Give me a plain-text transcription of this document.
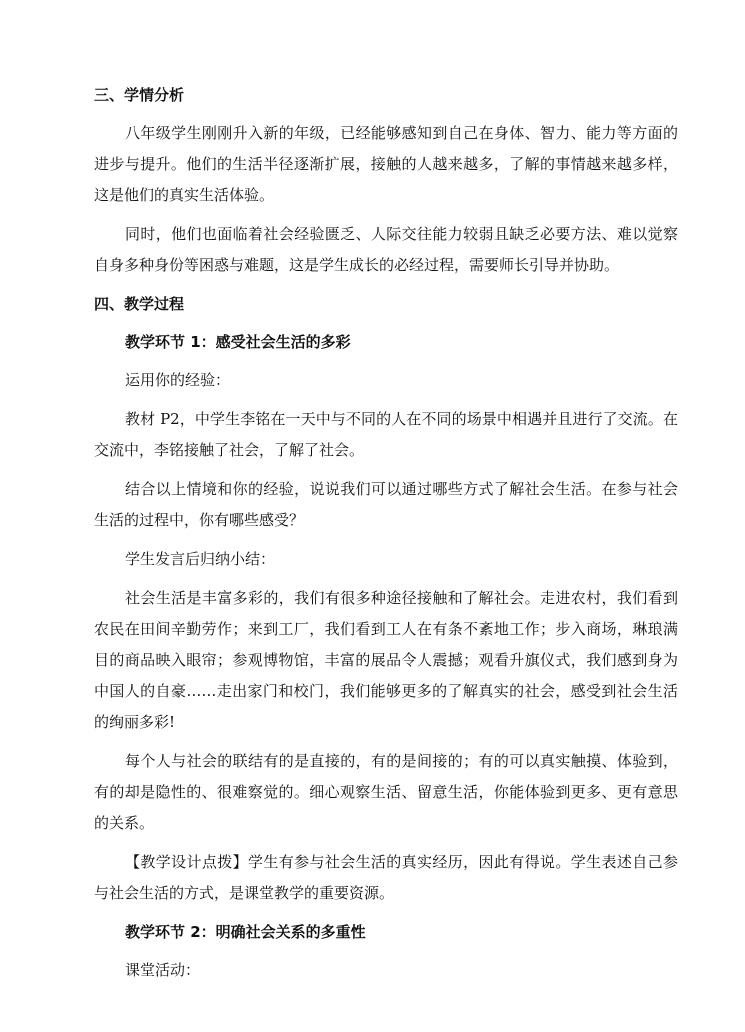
三、学情分析

八年级学生刚刚升入新的年级，已经能够感知到自己在身体、智力、能力等方面的进步与提升。他们的生活半径逐渐扩展，接触的人越来越多，了解的事情越来越多样，这是他们的真实生活体验。

同时，他们也面临着社会经验匮乏、人际交往能力较弱且缺乏必要方法、难以觉察自身多种身份等困惑与难题，这是学生成长的必经过程，需要师长引导并协助。

四、教学过程
教学环节 1：感受社会生活的多彩

运用你的经验：

教材 P2，中学生李铭在一天中与不同的人在不同的场景中相遇并且进行了交流。在交流中，李铭接触了社会，了解了社会。

结合以上情境和你的经验，说说我们可以通过哪些方式了解社会生活。在参与社会生活的过程中，你有哪些感受？

学生发言后归纳小结：

社会生活是丰富多彩的，我们有很多种途径接触和了解社会。走进农村，我们看到农民在田间辛勤劳作；来到工厂，我们看到工人在有条不紊地工作；步入商场，琳琅满目的商品映入眼帘；参观博物馆，丰富的展品令人震撼；观看升旗仪式，我们感到身为中国人的自豪……走出家门和校门，我们能够更多的了解真实的社会，感受到社会生活的绚丽多彩!

每个人与社会的联结有的是直接的，有的是间接的；有的可以真实触摸、体验到，有的却是隐性的、很难察觉的。细心观察生活、留意生活，你能体验到更多、更有意思的关系。

【教学设计点拨】学生有参与社会生活的真实经历，因此有得说。学生表述自己参与社会生活的方式，是课堂教学的重要资源。

教学环节 2：明确社会关系的多重性

课堂活动：
